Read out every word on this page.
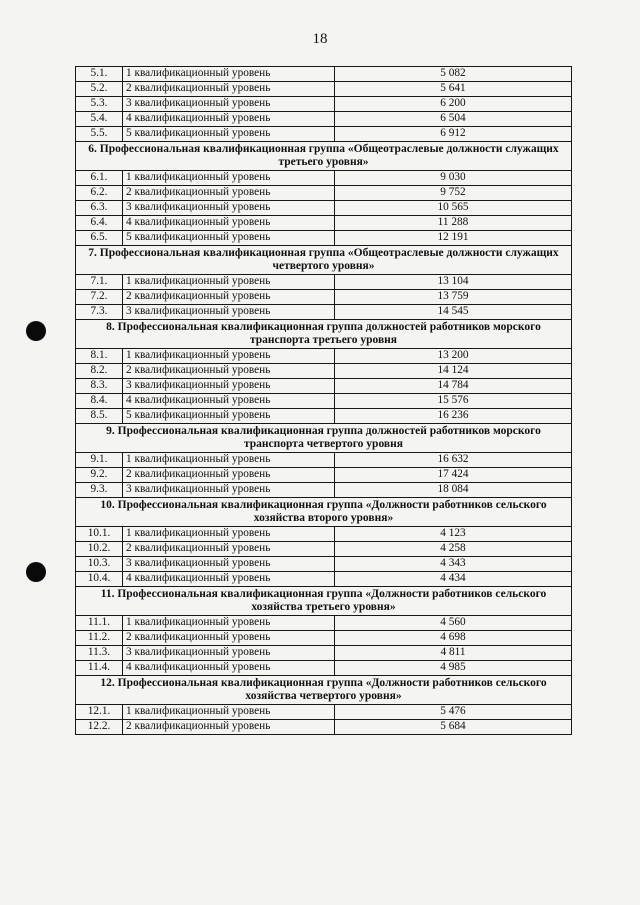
18
5.1.	1 квалификационный уровень	5 082
5.2.	2 квалификационный уровень	5 641
5.3.	3 квалификационный уровень	6 200
5.4.	4 квалификационный уровень	6 504
5.5.	5 квалификационный уровень	6 912
6. Профессиональная квалификационная группа «Общеотраслевые должности служащих третьего уровня»		
6.1.	1 квалификационный уровень	9 030
6.2.	2 квалификационный уровень	9 752
6.3.	3 квалификационный уровень	10 565
6.4.	4 квалификационный уровень	11 288
6.5.	5 квалификационный уровень	12 191
7. Профессиональная квалификационная группа «Общеотраслевые должности служащих четвертого уровня»		
7.1.	1 квалификационный уровень	13 104
7.2.	2 квалификационный уровень	13 759
7.3.	3 квалификационный уровень	14 545
8. Профессиональная квалификационная группа должностей работников морского транспорта третьего уровня		
8.1.	1 квалификационный уровень	13 200
8.2.	2 квалификационный уровень	14 124
8.3.	3 квалификационный уровень	14 784
8.4.	4 квалификационный уровень	15 576
8.5.	5 квалификационный уровень	16 236
9. Профессиональная квалификационная группа должностей работников морского транспорта четвертого уровня		
9.1.	1 квалификационный уровень	16 632
9.2.	2 квалификационный уровень	17 424
9.3.	3 квалификационный уровень	18 084
10. Профессиональная квалификационная группа «Должности работников сельского хозяйства второго уровня»		
10.1.	1 квалификационный уровень	4 123
10.2.	2 квалификационный уровень	4 258
10.3.	3 квалификационный уровень	4 343
10.4.	4 квалификационный уровень	4 434
11. Профессиональная квалификационная группа «Должности работников сельского хозяйства третьего уровня»		
11.1.	1 квалификационный уровень	4 560
11.2.	2 квалификационный уровень	4 698
11.3.	3 квалификационный уровень	4 811
11.4.	4 квалификационный уровень	4 985
12. Профессиональная квалификационная группа «Должности работников сельского хозяйства четвертого уровня»		
12.1.	1 квалификационный уровень	5 476
12.2.	2 квалификационный уровень	5 684
